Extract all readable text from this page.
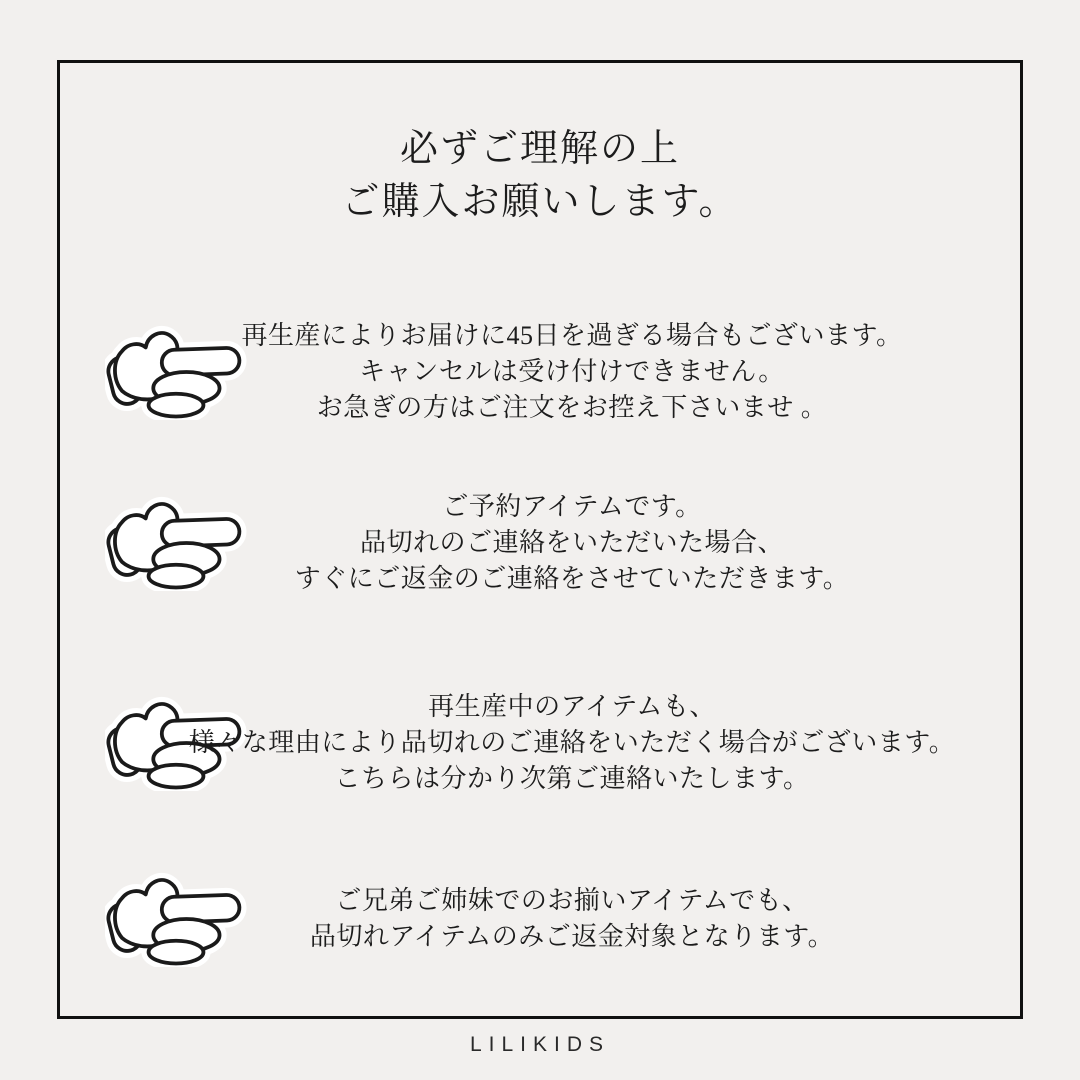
必ずご理解の上
ご購入お願いします。
再生産によりお届けに45日を過ぎる場合もございます。
キャンセルは受け付けできません。
お急ぎの方はご注文をお控え下さいませ 。
ご予約アイテムです。
品切れのご連絡をいただいた場合、
すぐにご返金のご連絡をさせていただきます。
再生産中のアイテムも、
様々な理由により品切れのご連絡をいただく場合がございます。
こちらは分かり次第ご連絡いたします。
ご兄弟ご姉妹でのお揃いアイテムでも、
品切れアイテムのみご返金対象となります。
LILIKIDS
